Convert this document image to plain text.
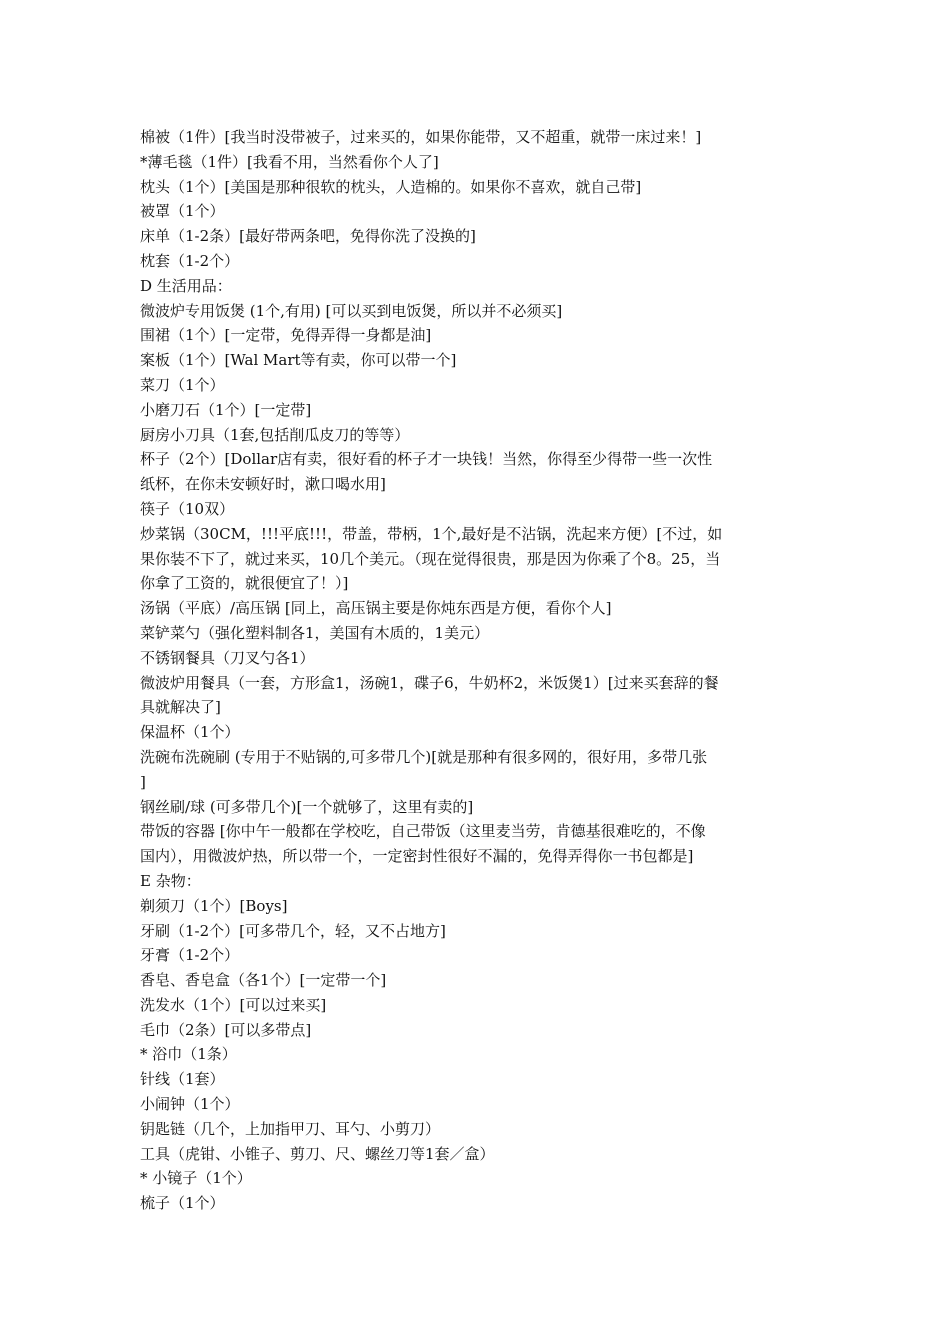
棉被（1件）[我当时没带被子，过来买的，如果你能带，又不超重，就带一床过来！]
*薄毛毯（1件）[我看不用，当然看你个人了]
枕头（1个）[美国是那种很软的枕头，人造棉的。如果你不喜欢，就自己带]
被罩（1个）
床单（1-2条）[最好带两条吧，免得你洗了没换的]
枕套（1-2个）
D 生活用品：
微波炉专用饭煲 (1个,有用) [可以买到电饭煲，所以并不必须买]
围裙（1个）[一定带，免得弄得一身都是油]
案板（1个）[Wal Mart等有卖，你可以带一个]
菜刀（1个）
小磨刀石（1个）[一定带]
厨房小刀具（1套,包括削瓜皮刀的等等）
杯子（2个）[Dollar店有卖，很好看的杯子才一块钱！当然，你得至少得带一些一次性
纸杯，在你未安顿好时，漱口喝水用]
筷子（10双）
炒菜锅（30CM，!!!平底!!!，带盖，带柄，1个,最好是不沾锅，洗起来方便）[不过，如
果你装不下了，就过来买，10几个美元。（现在觉得很贵，那是因为你乘了个8。25，当
你拿了工资的，就很便宜了！）]
汤锅（平底）/高压锅 [同上，高压锅主要是你炖东西是方便，看你个人]
菜铲菜勺（强化塑料制各1，美国有木质的，1美元）
不锈钢餐具（刀叉勺各1）
微波炉用餐具（一套，方形盒1，汤碗1，碟子6，牛奶杯2，米饭煲1）[过来买套辞的餐
具就解决了]
保温杯（1个）
洗碗布洗碗刷 (专用于不贴锅的,可多带几个)[就是那种有很多网的，很好用，多带几张
]
钢丝刷/球 (可多带几个)[一个就够了，这里有卖的]
带饭的容器 [你中午一般都在学校吃，自己带饭（这里麦当劳，肯德基很难吃的，不像
国内），用微波炉热，所以带一个，一定密封性很好不漏的，免得弄得你一书包都是]
E 杂物：
剃须刀（1个）[Boys]
牙刷（1-2个）[可多带几个，轻，又不占地方]
牙膏（1-2个）
香皂、香皂盒（各1个）[一定带一个]
洗发水（1个）[可以过来买]
毛巾（2条）[可以多带点]
* 浴巾（1条）
针线（1套）
小闹钟（1个）
钥匙链（几个，上加指甲刀、耳勺、小剪刀）
工具（虎钳、小锥子、剪刀、尺、螺丝刀等1套／盒）
* 小镜子（1个）
梳子（1个）
